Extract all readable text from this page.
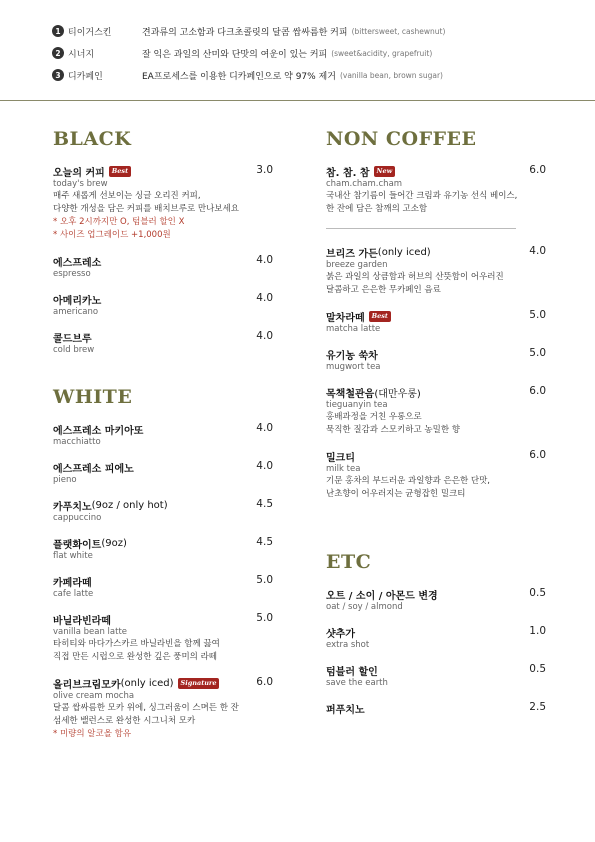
1 티이거스킨	견과류의 고소함과 다크초콜릿의 달콤 쌉싸름한 커피 (bittersweet, cashewnut)
2 시너지	잘 익은 과일의 산미와 단맛의 여운이 있는 커피 (sweet&acidity, grapefruit)
3 디카페인	EA프로세스를 이용한 디카페인으로 약 97% 제거 (vanilla bean, brown sugar)
BLACK
오늘의 커피	Best	3.0
today's brew
매주 새롭게 선보이는 싱글 오리진 커피,
다양한 개성을 담은 커피를 배치브루로 만나보세요
* 오후 2시까지만 O, 텀블러 할인 X
* 사이즈 업그레이드 +1,000원
에스프레소	4.0
espresso
아메리카노	4.0
americano
콜드브루	4.0
cold brew
WHITE
에스프레소 마키아또	4.0
macchiatto
에스프레소 피에노	4.0
pieno
카푸치노 (9oz / only hot)	4.5
cappuccino
플랫화이트 (9oz)	4.5
flat white
카페라떼	5.0
cafe latte
바닐라빈라떼	5.0
vanilla bean latte
타히티와 마다가스카르 바닐라빈을 함께 끓여
직접 만든 시럽으로 완성한 깊은 풍미의 라떼
올리브크림모카 (only iced)	Signature	6.0
olive cream mocha
달콤 쌉싸름한 모카 위에, 싱그러움이 스며든 한 잔
섬세한 밸런스로 완성한 시그니처 모카
* 미량의 알코올 함유
NON COFFEE
참. 참. 참	New	6.0
cham.cham.cham
국내산 참기름이 들어간 크림과 유기농 선식 베이스,
한 잔에 담은 참깨의 고소함
브리즈 가든 (only iced)	4.0
breeze garden
붉은 과일의 상큼함과 허브의 산뜻함이 어우러진
달콤하고 은은한 무카페인 음료
말차라떼	Best	5.0
matcha latte
유기농 쑥차	5.0
mugwort tea
목책철관음 (대만우롱)	6.0
tieguanyin tea
홍배과정을 거친 우롱으로
묵직한 질감과 스모키하고 농밀한 향
밀크티	6.0
milk tea
기문 홍차의 부드러운 과일향과 은은한 단맛,
난초향이 어우러지는 균형잡힌 밀크티
ETC
오트 / 소이 / 아몬드 변경	0.5
oat / soy / almond
샷추가	1.0
extra shot
텀블러 할인	0.5
save the earth
퍼푸치노	2.5
